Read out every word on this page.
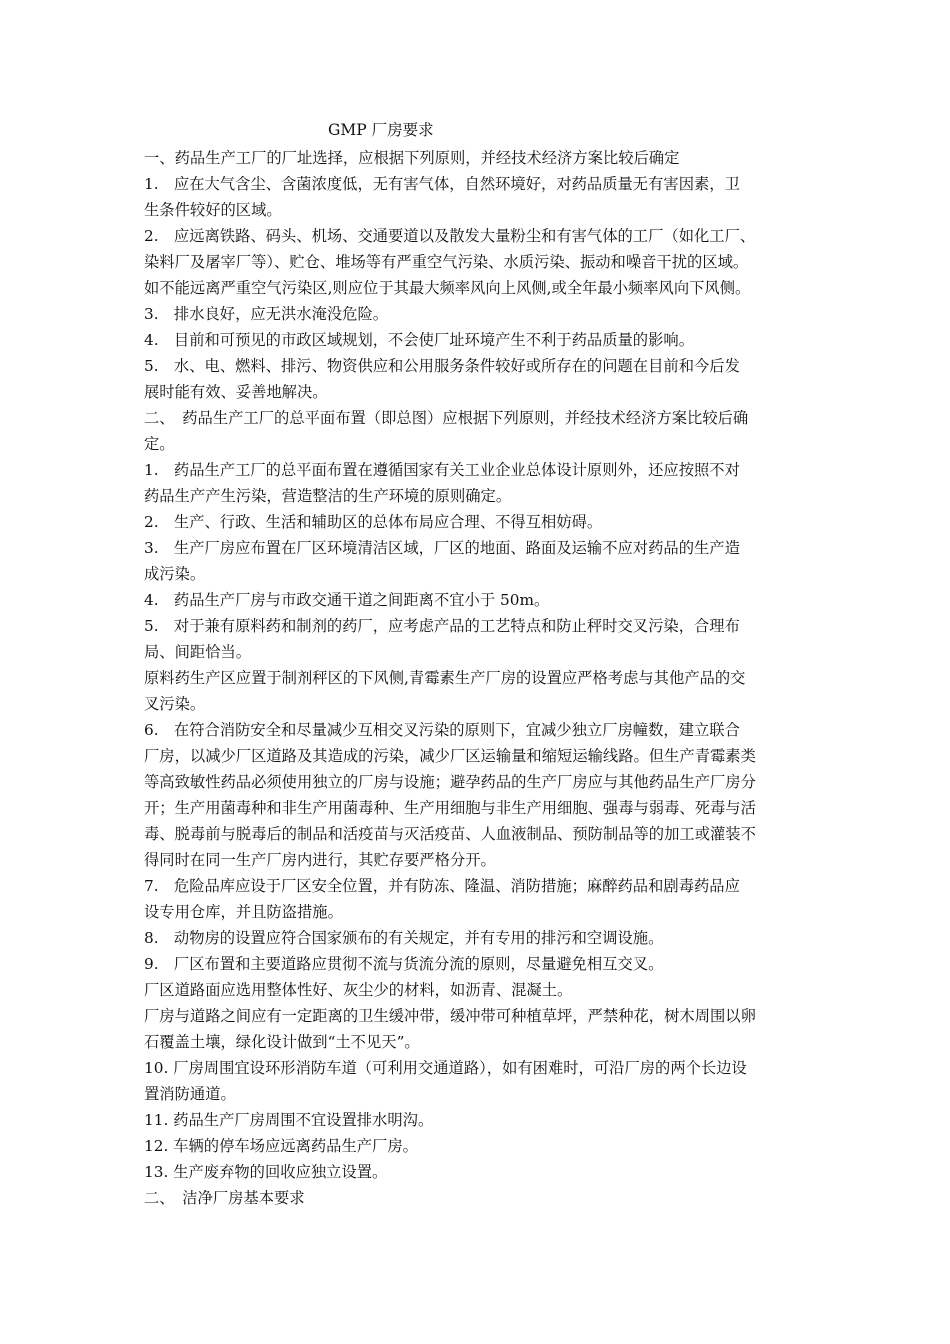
GMP 厂房要求
一、药品生产工厂的厂址选择，应根据下列原则，并经技术经济方案比较后确定
1.　应在大气含尘、含菌浓度低，无有害气体，自然环境好，对药品质量无有害因素，卫
生条件较好的区域。
2.　应远离铁路、码头、机场、交通要道以及散发大量粉尘和有害气体的工厂（如化工厂、
染料厂及屠宰厂等）、贮仓、堆场等有严重空气污染、水质污染、振动和噪音干扰的区域。
如不能远离严重空气污染区,则应位于其最大频率风向上风侧,或全年最小频率风向下风侧。
3.　排水良好，应无洪水淹没危险。
4.　目前和可预见的市政区域规划，不会使厂址环境产生不利于药品质量的影响。
5.　水、电、燃料、排污、物资供应和公用服务条件较好或所存在的问题在目前和今后发
展时能有效、妥善地解决。
二、　药品生产工厂的总平面布置（即总图）应根据下列原则，并经技术经济方案比较后确
定。
1.　药品生产工厂的总平面布置在遵循国家有关工业企业总体设计原则外，还应按照不对
药品生产产生污染，营造整洁的生产环境的原则确定。
2.　生产、行政、生活和辅助区的总体布局应合理、不得互相妨碍。
3.　生产厂房应布置在厂区环境清洁区域，厂区的地面、路面及运输不应对药品的生产造
成污染。
4.　药品生产厂房与市政交通干道之间距离不宜小于 50m。
5.　对于兼有原料药和制剂的药厂，应考虑产品的工艺特点和防止秤时交叉污染，合理布
局、间距恰当。
原料药生产区应置于制剂秤区的下风侧,青霉素生产厂房的设置应严格考虑与其他产品的交
叉污染。
6.　在符合消防安全和尽量减少互相交叉污染的原则下，宜减少独立厂房幢数，建立联合
厂房，以减少厂区道路及其造成的污染，减少厂区运输量和缩短运输线路。但生产青霉素类
等高致敏性药品必须使用独立的厂房与设施；避孕药品的生产厂房应与其他药品生产厂房分
开；生产用菌毒种和非生产用菌毒种、生产用细胞与非生产用细胞、强毒与弱毒、死毒与活
毒、脱毒前与脱毒后的制品和活疫苗与灭活疫苗、人血液制品、预防制品等的加工或灌装不
得同时在同一生产厂房内进行，其贮存要严格分开。
7.　危险品库应设于厂区安全位置，并有防冻、隆温、消防措施；麻醉药品和剧毒药品应
设专用仓库，并且防盗措施。
8.　动物房的设置应符合国家颁布的有关规定，并有专用的排污和空调设施。
9.　厂区布置和主要道路应贯彻不流与货流分流的原则，尽量避免相互交叉。
厂区道路面应选用整体性好、灰尘少的材料，如沥青、混凝土。
厂房与道路之间应有一定距离的卫生缓冲带，缓冲带可种植草坪，严禁种花，树木周围以卵
石覆盖土壤，绿化设计做到“土不见天”。
10. 厂房周围宜设环形消防车道（可利用交通道路），如有困难时，可沿厂房的两个长边设
置消防通道。
11. 药品生产厂房周围不宜设置排水明沟。
12. 车辆的停车场应远离药品生产厂房。
13. 生产废弃物的回收应独立设置。
二、　洁净厂房基本要求
